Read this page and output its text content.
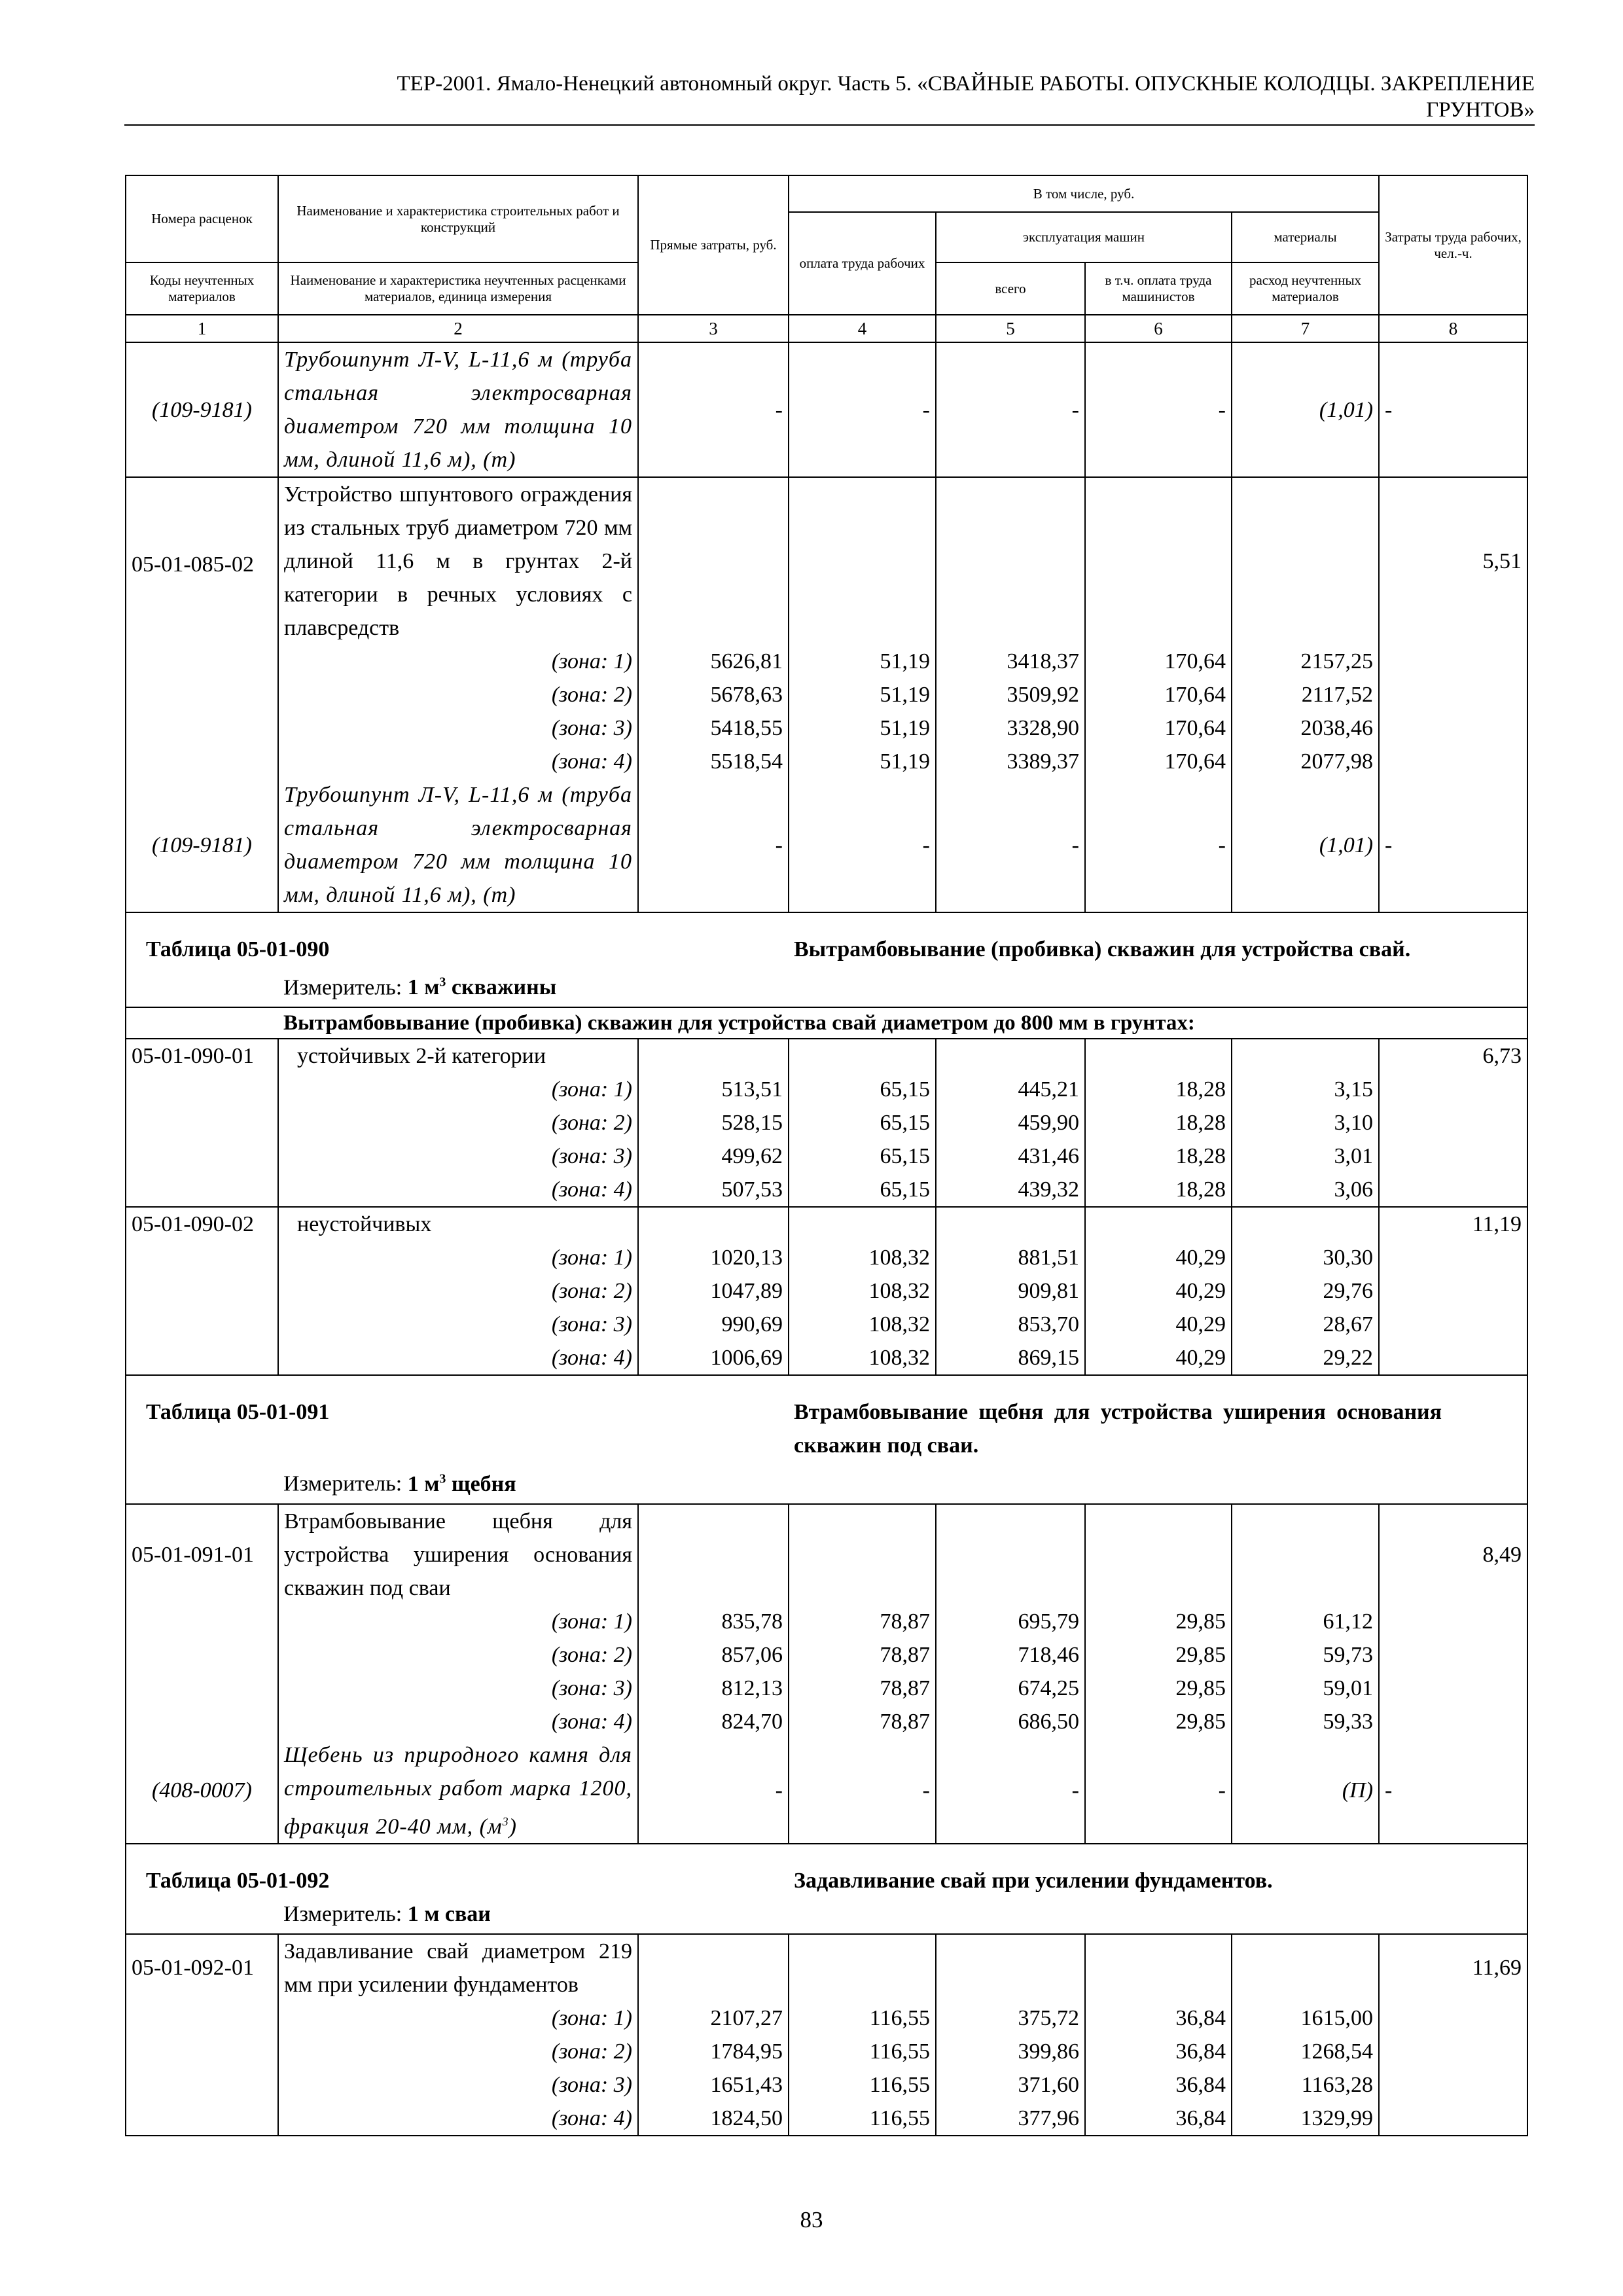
ТЕР-2001. Ямало-Ненецкий автономный округ. Часть 5. «СВАЙНЫЕ РАБОТЫ. ОПУСКНЫЕ КОЛОДЦЫ. ЗАКРЕПЛЕНИЕ
ГРУНТОВ»
Номера расценок	Наименование и характеристика строительных работ и конструкций	Прямые затраты, руб.	В том числе, руб.				Затраты труда рабочих, чел.-ч.
			оплата труда рабочих	эксплуатация машин		материалы	
Коды неучтенных материалов	Наименование и характеристика неучтенных расценками материалов, единица измерения			всего	в т.ч. оплата труда машинистов	расход неучтенных материалов	
1	2	3	4	5	6	7	8
(109-9181)	Трубошпунт Л-V, L-11,6 м (труба стальная электросварная диаметром 720 мм толщина 10 мм, длиной 11,6 м), (т)	-	-	-	-	(1,01)	-
05-01-085-02	Устройство шпунтового ограждения из стальных труб диаметром 720 мм длиной 11,6 м в грунтах 2-й категории в речных условиях с плавсредств						5,51
	(зона: 1)	5626,81	51,19	3418,37	170,64	2157,25	
	(зона: 2)	5678,63	51,19	3509,92	170,64	2117,52	
	(зона: 3)	5418,55	51,19	3328,90	170,64	2038,46	
	(зона: 4)	5518,54	51,19	3389,37	170,64	2077,98	
(109-9181)	Трубошпунт Л-V, L-11,6 м (труба стальная электросварная диаметром 720 мм толщина 10 мм, длиной 11,6 м), (т)	-	-	-	-	(1,01)	-
Таблица 05-01-090			Вытрамбовывание (пробивка) скважин для устройства свай.				
	Измеритель: 1 $м^3$ скважины						
	Вытрамбовывание (пробивка) скважин для устройства свай диаметром до 800 мм в грунтах:						
05-01-090-01	устойчивых 2-й категории						6,73
	(зона: 1)	513,51	65,15	445,21	18,28	3,15	
	(зона: 2)	528,15	65,15	459,90	18,28	3,10	
	(зона: 3)	499,62	65,15	431,46	18,28	3,01	
	(зона: 4)	507,53	65,15	439,32	18,28	3,06	
05-01-090-02	неустойчивых						11,19
	(зона: 1)	1020,13	108,32	881,51	40,29	30,30	
	(зона: 2)	1047,89	108,32	909,81	40,29	29,76	
	(зона: 3)	990,69	108,32	853,70	40,29	28,67	
	(зона: 4)	1006,69	108,32	869,15	40,29	29,22	
Таблица 05-01-091			Втрамбовывание щебня для устройства уширения основания скважин под сваи.				
	Измеритель: 1 $м^3$ щебня						
05-01-091-01	Втрамбовывание щебня для устройства уширения основания скважин под сваи						8,49
	(зона: 1)	835,78	78,87	695,79	29,85	61,12	
	(зона: 2)	857,06	78,87	718,46	29,85	59,73	
	(зона: 3)	812,13	78,87	674,25	29,85	59,01	
	(зона: 4)	824,70	78,87	686,50	29,85	59,33	
(408-0007)	Щебень из природного камня для строительных работ марка 1200, фракция 20-40 мм, $(м^3)$	-	-	-	-	(П)	-
Таблица 05-01-092			Задавливание свай при усилении фундаментов.				
	Измеритель: 1 м сваи						
05-01-092-01	Задавливание свай диаметром 219 мм при усилении фундаментов						11,69
	(зона: 1)	2107,27	116,55	375,72	36,84	1615,00	
	(зона: 2)	1784,95	116,55	399,86	36,84	1268,54	
	(зона: 3)	1651,43	116,55	371,60	36,84	1163,28	
	(зона: 4)	1824,50	116,55	377,96	36,84	1329,99	
83
